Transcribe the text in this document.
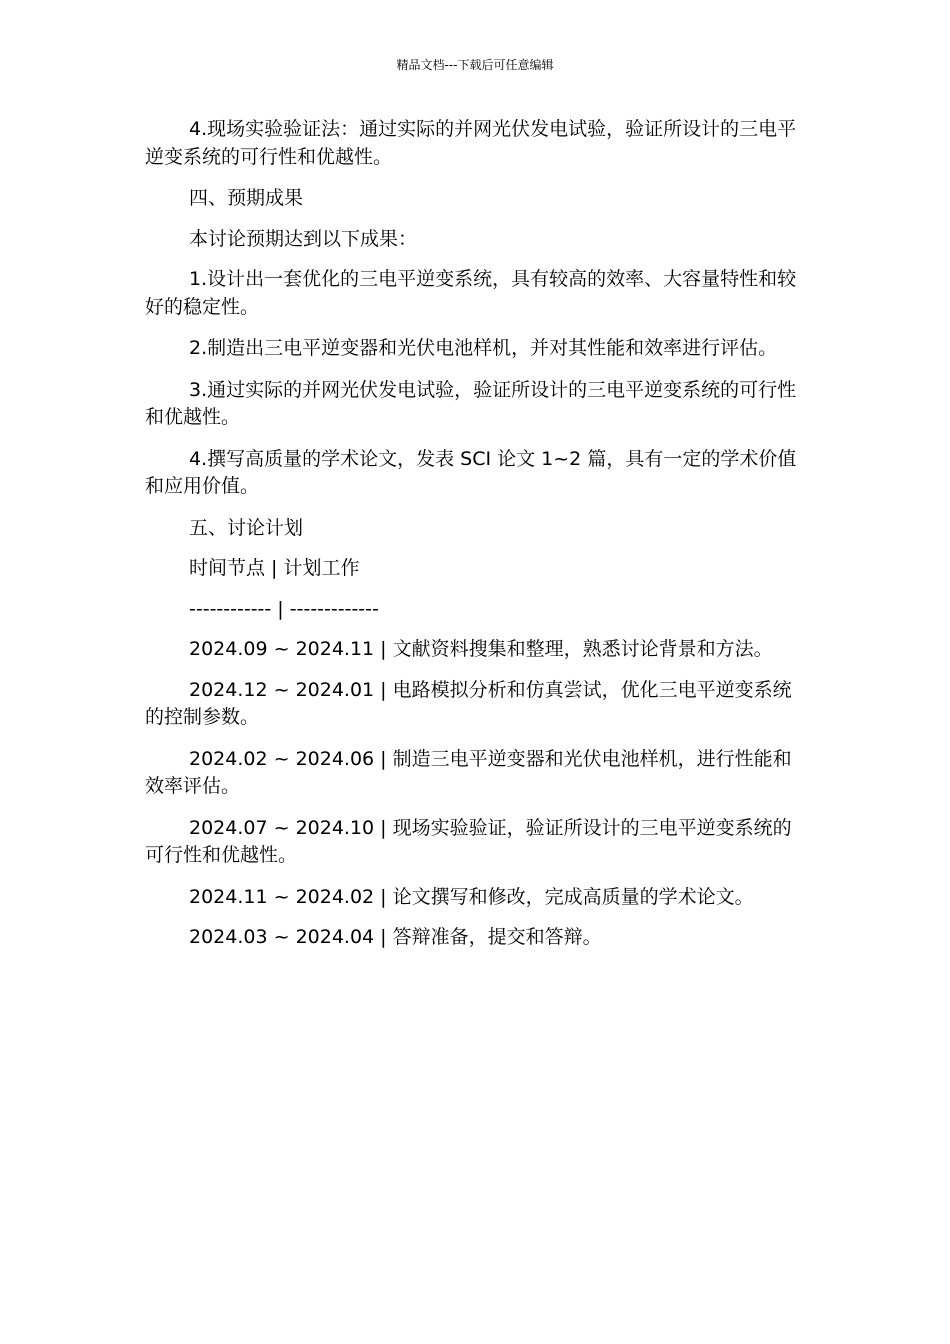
精品文档---下载后可任意编辑

4.现场实验验证法：通过实际的并网光伏发电试验，验证所设计的三电平逆变系统的可行性和优越性。

四、预期成果

本讨论预期达到以下成果：

1.设计出一套优化的三电平逆变系统，具有较高的效率、大容量特性和较好的稳定性。

2.制造出三电平逆变器和光伏电池样机，并对其性能和效率进行评估。

3.通过实际的并网光伏发电试验，验证所设计的三电平逆变系统的可行性和优越性。

4.撰写高质量的学术论文，发表 SCI 论文 1~2 篇，具有一定的学术价值和应用价值。

五、讨论计划

时间节点 | 计划工作

------------ | -------------

2024.09 ~ 2024.11 | 文献资料搜集和整理，熟悉讨论背景和方法。

2024.12 ~ 2024.01 | 电路模拟分析和仿真尝试，优化三电平逆变系统的控制参数。

2024.02 ~ 2024.06 | 制造三电平逆变器和光伏电池样机，进行性能和效率评估。

2024.07 ~ 2024.10 | 现场实验验证，验证所设计的三电平逆变系统的可行性和优越性。

2024.11 ~ 2024.02 | 论文撰写和修改，完成高质量的学术论文。

2024.03 ~ 2024.04 | 答辩准备，提交和答辩。
